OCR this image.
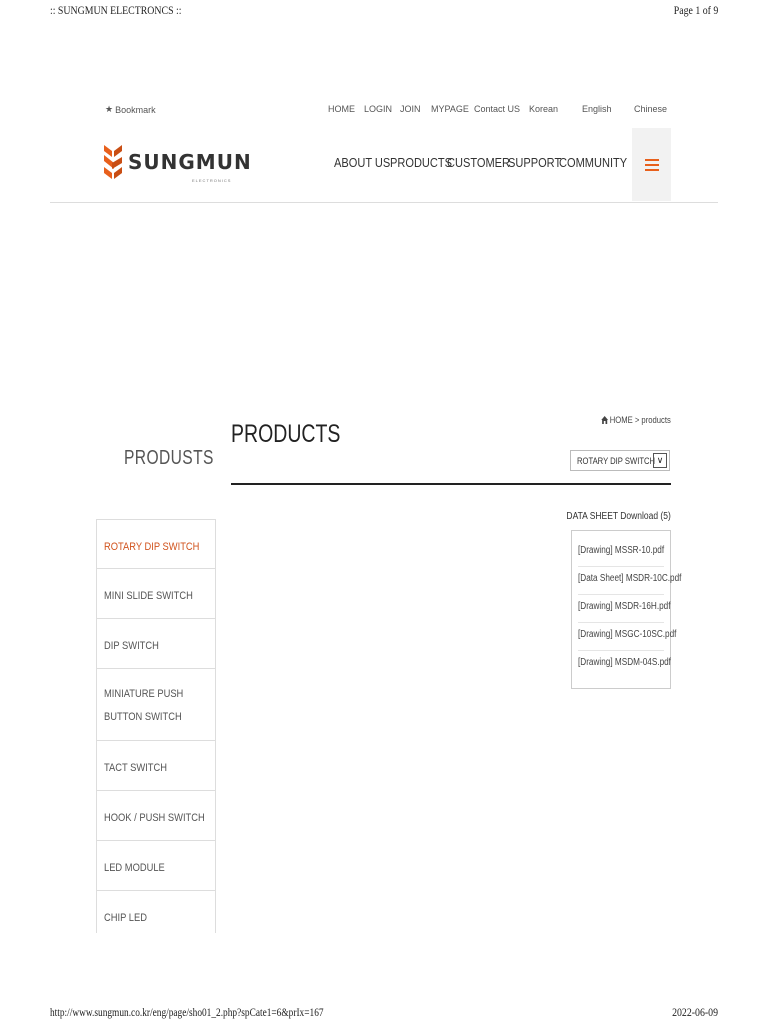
:: SUNGMUN ELECTRONCS ::	Page 1 of 9
★ Bookmark	HOME LOGIN JOIN MYPAGE Contact US Korean	English Chinese
SUNGMUN
ELECTRONICS
ABOUT US PRODUCTS
CUSTOMER
SUPPORT
COMMUNITY
PRODUSTS
PRODUCTS	HOME > products
ROTARY DIP SWITCH ∨
ROTARY DIP SWITCH
MINI SLIDE SWITCH
DIP SWITCH
MINIATURE PUSH BUTTON SWITCH
TACT SWITCH
HOOK / PUSH SWITCH
LED MODULE
CHIP LED
DATA SHEET Download (5)
[Drawing] MSSR-10.pdf
[Data Sheet] MSDR-10C.pdf
[Drawing] MSDR-16H.pdf
[Drawing] MSGC-10SC.pdf
[Drawing] MSDM-04S.pdf
http://www.sungmun.co.kr/eng/page/sho01_2.php?spCate1=6&prIx=167	2022-06-09
